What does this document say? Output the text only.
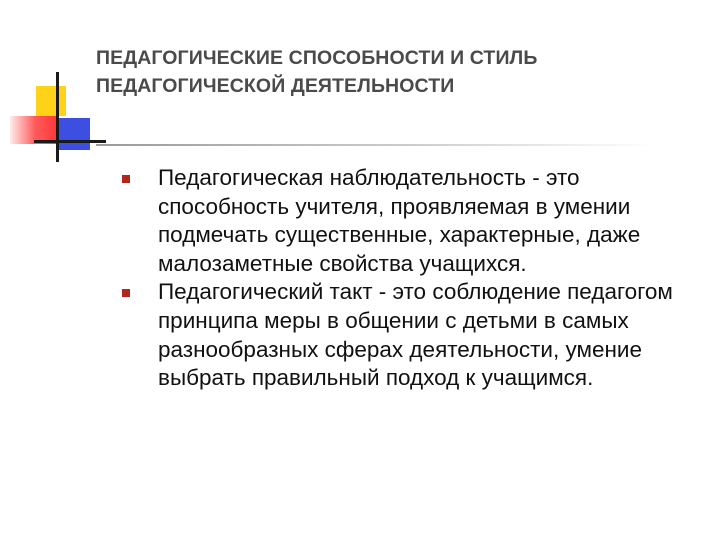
ПЕДАГОГИЧЕСКИЕ СПОСОБНОСТИ И СТИЛЬ
ПЕДАГОГИЧЕСКОЙ ДЕЯТЕЛЬНОСТИ
Педагогическая наблюдательность - это способность учителя, проявляемая в умении подмечать существенные, характерные, даже малозаметные свойства учащихся.
Педагогический такт - это соблюдение педагогом принципа меры в общении с детьми в самых разнообразных сферах деятельности, умение выбрать правильный подход к учащимся.
